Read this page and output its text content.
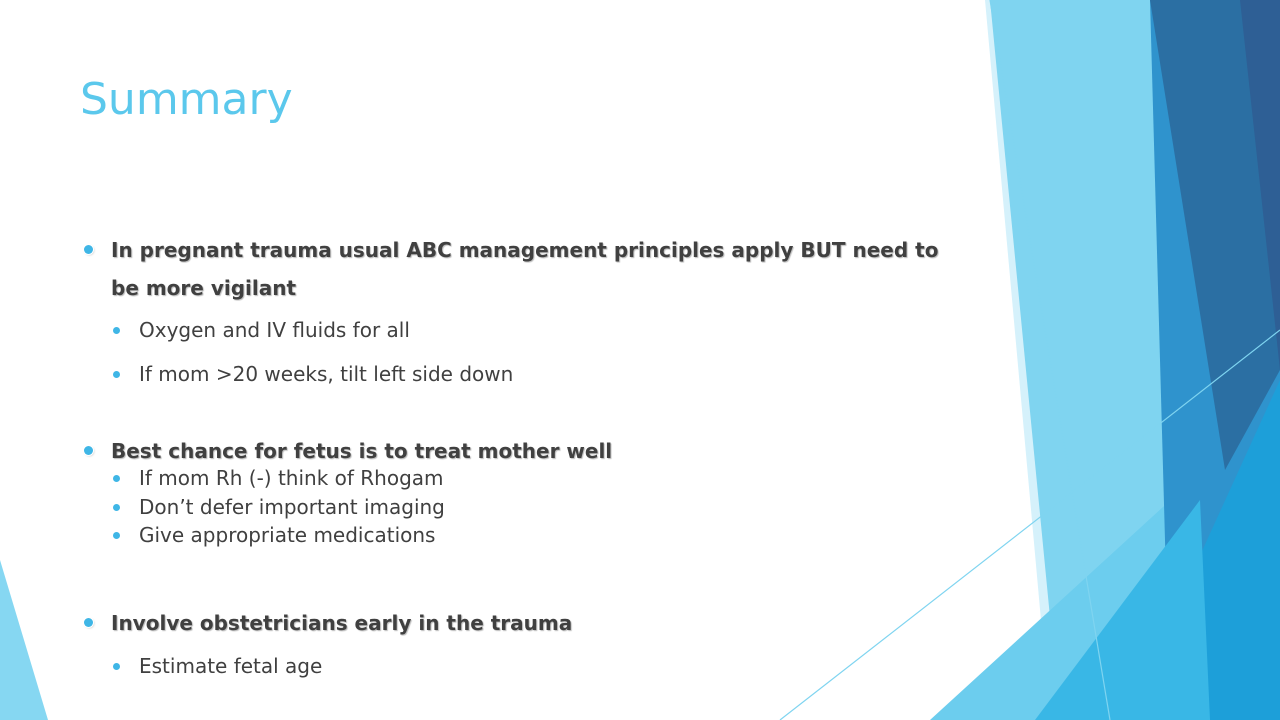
Summary

In pregnant trauma usual ABC management principles apply BUT need to be more vigilant

Oxygen and IV fluids for all

If mom >20 weeks, tilt left side down

Best chance for fetus is to treat mother well

If mom Rh (-) think of Rhogam

Don’t defer important imaging

Give appropriate medications

Involve obstetricians early in the trauma

Estimate fetal age
